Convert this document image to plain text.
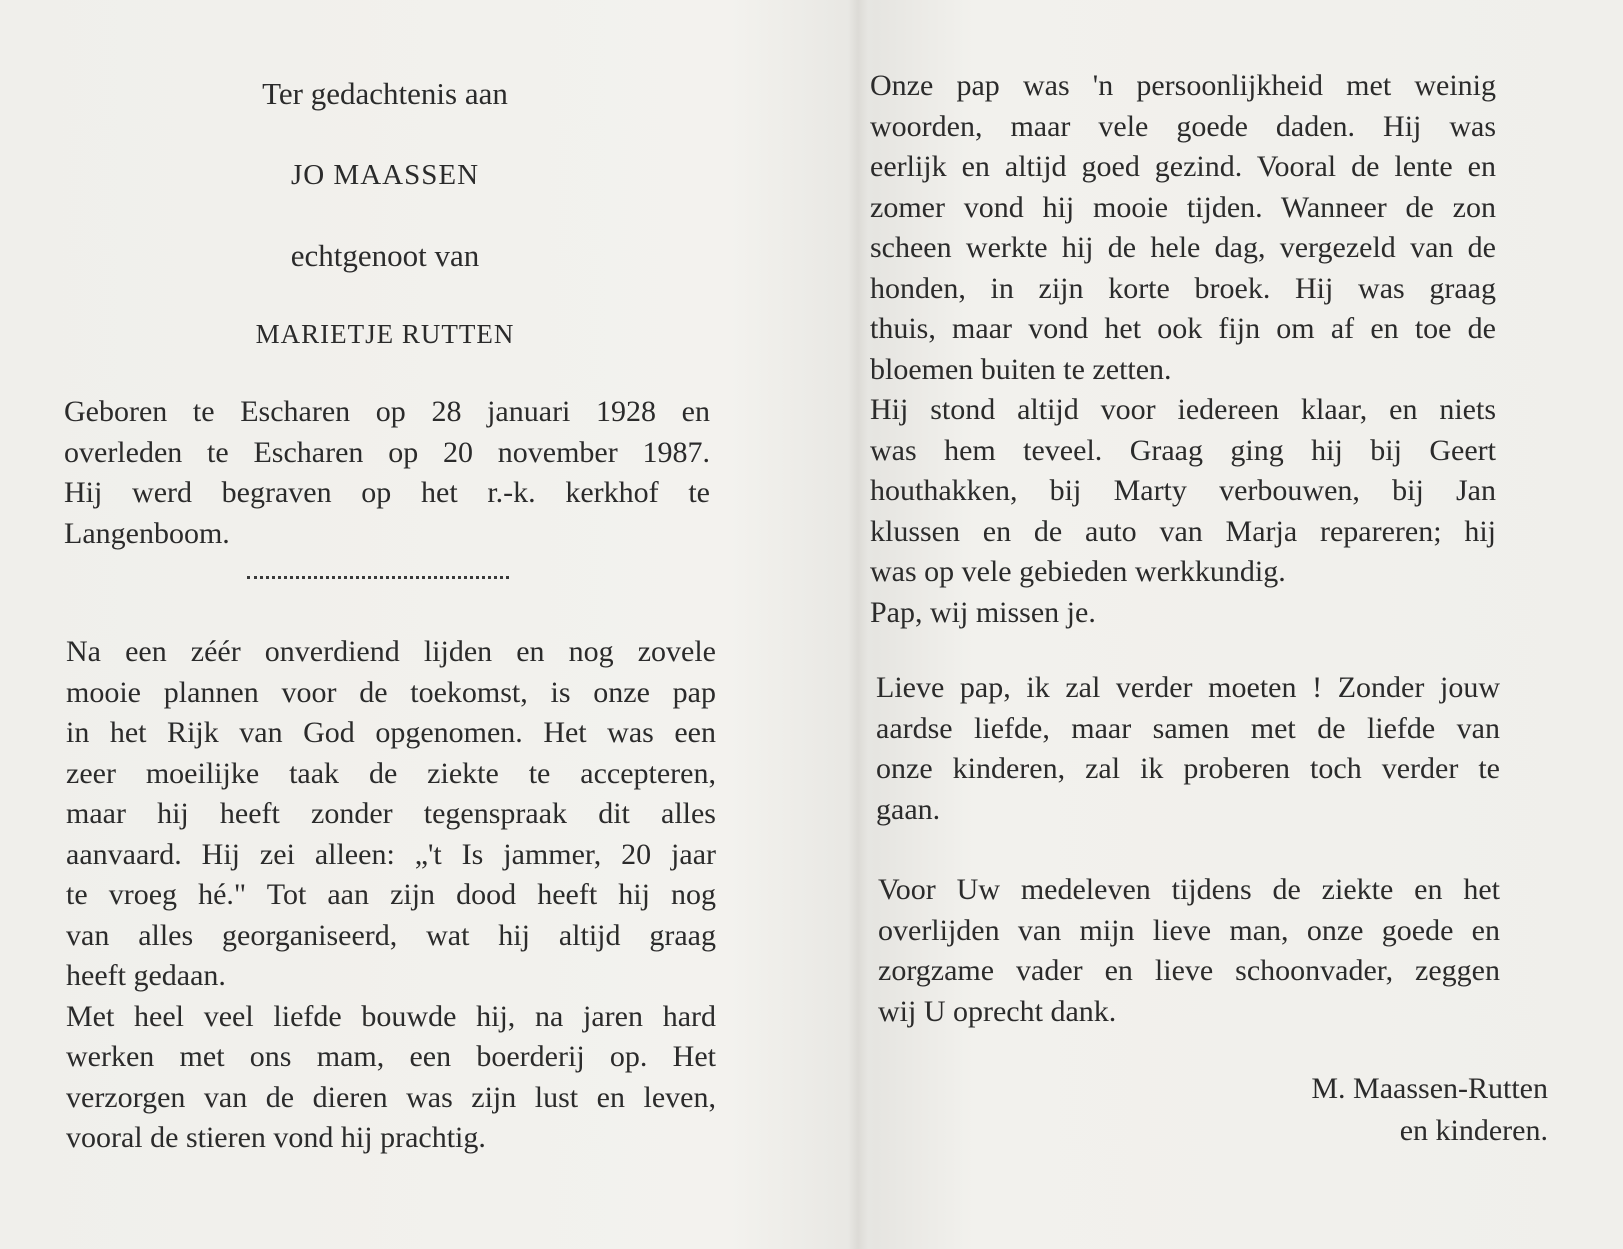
Ter gedachtenis aan
JO MAASSEN
echtgenoot van
MARIETJE RUTTEN
Geboren te Escharen op 28 januari 1928 en
overleden te Escharen op 20 november 1987.
Hij werd begraven op het r.-k. kerkhof te
Langenboom.
Na een zéér onverdiend lijden en nog zovele
mooie plannen voor de toekomst, is onze pap
in het Rijk van God opgenomen. Het was een
zeer moeilijke taak de ziekte te accepteren,
maar hij heeft zonder tegenspraak dit alles
aanvaard. Hij zei alleen: „'t Is jammer, 20 jaar
te vroeg hé." Tot aan zijn dood heeft hij nog
van alles georganiseerd, wat hij altijd graag
heeft gedaan.
Met heel veel liefde bouwde hij, na jaren hard
werken met ons mam, een boerderij op. Het
verzorgen van de dieren was zijn lust en leven,
vooral de stieren vond hij prachtig.
Onze pap was 'n persoonlijkheid met weinig
woorden, maar vele goede daden. Hij was
eerlijk en altijd goed gezind. Vooral de lente en
zomer vond hij mooie tijden. Wanneer de zon
scheen werkte hij de hele dag, vergezeld van de
honden, in zijn korte broek. Hij was graag
thuis, maar vond het ook fijn om af en toe de
bloemen buiten te zetten.
Hij stond altijd voor iedereen klaar, en niets
was hem teveel. Graag ging hij bij Geert
houthakken, bij Marty verbouwen, bij Jan
klussen en de auto van Marja repareren; hij
was op vele gebieden werkkundig.
Pap, wij missen je.
Lieve pap, ik zal verder moeten ! Zonder jouw
aardse liefde, maar samen met de liefde van
onze kinderen, zal ik proberen toch verder te
gaan.
Voor Uw medeleven tijdens de ziekte en het
overlijden van mijn lieve man, onze goede en
zorgzame vader en lieve schoonvader, zeggen
wij U oprecht dank.
M. Maassen-Rutten
en kinderen.
